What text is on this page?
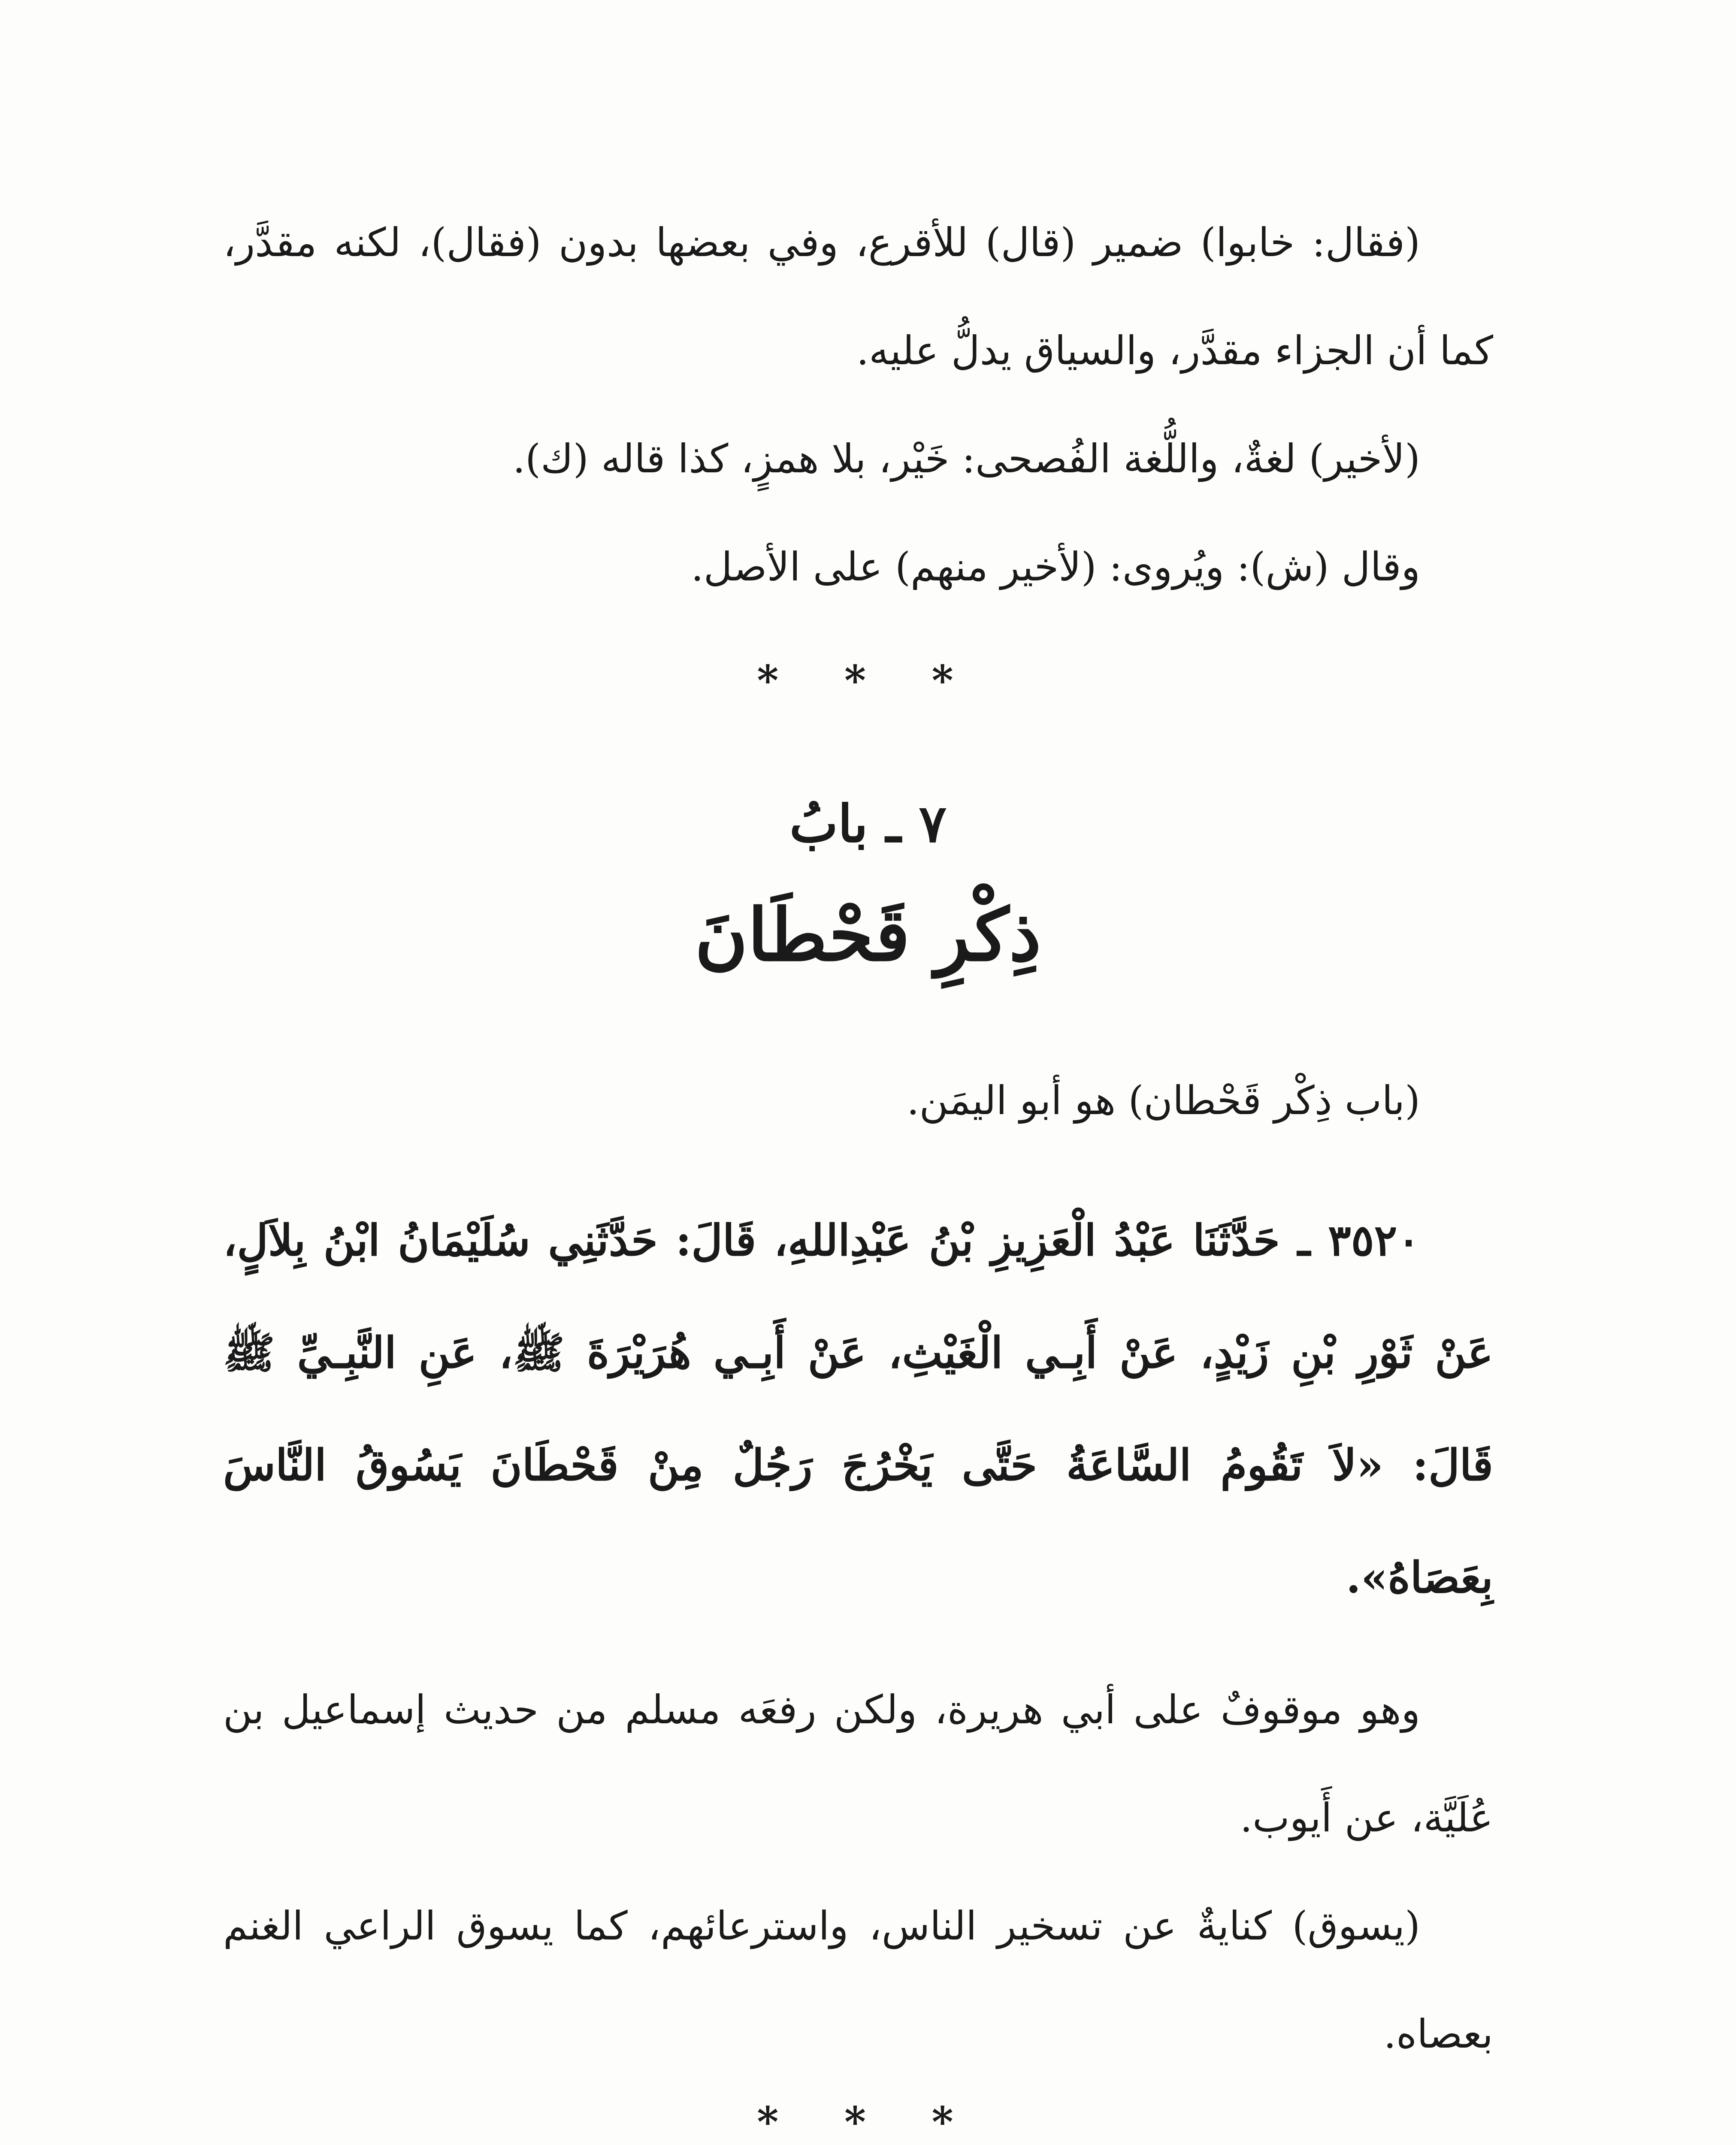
(فقال: خابوا) ضمير (قال) للأقرع، وفي بعضها بدون (فقال)، لكنه مقدَّر، كما أن الجزاء مقدَّر، والسياق يدلُّ عليه.

(لأخير) لغةٌ، واللُّغة الفُصحى: خَيْر، بلا همزٍ، كذا قاله (ك).

وقال (ش): ويُروى: (لأخير منهم) على الأصل.

* * *
٧ ـ بابُ
ذِكْرِ قَحْطَانَ

(باب ذِكْر قَحْطان) هو أبو اليمَن.

٣٥٢٠ ـ حَدَّثَنَا عَبْدُ الْعَزِيزِ بْنُ عَبْدِاللهِ، قَالَ: حَدَّثَنِي سُلَيْمَانُ ابْنُ بِلاَلٍ، عَنْ ثَوْرِ بْنِ زَيْدٍ، عَنْ أَبِـي الْغَيْثِ، عَنْ أَبِـي هُرَيْرَةَ ﷺ، عَنِ النَّبِـيِّ ﷺ قَالَ: «لاَ تَقُومُ السَّاعَةُ حَتَّى يَخْرُجَ رَجُلٌ مِنْ قَحْطَانَ يَسُوقُ النَّاسَ بِعَصَاهُ».

وهو موقوفٌ على أبي هريرة، ولكن رفعَه مسلم من حديث إسماعيل بن عُلَيَّة، عن أَيوب.

(يسوق) كنايةٌ عن تسخير الناس، واسترعائهم، كما يسوق الراعي الغنم بعصاه.

* * *
